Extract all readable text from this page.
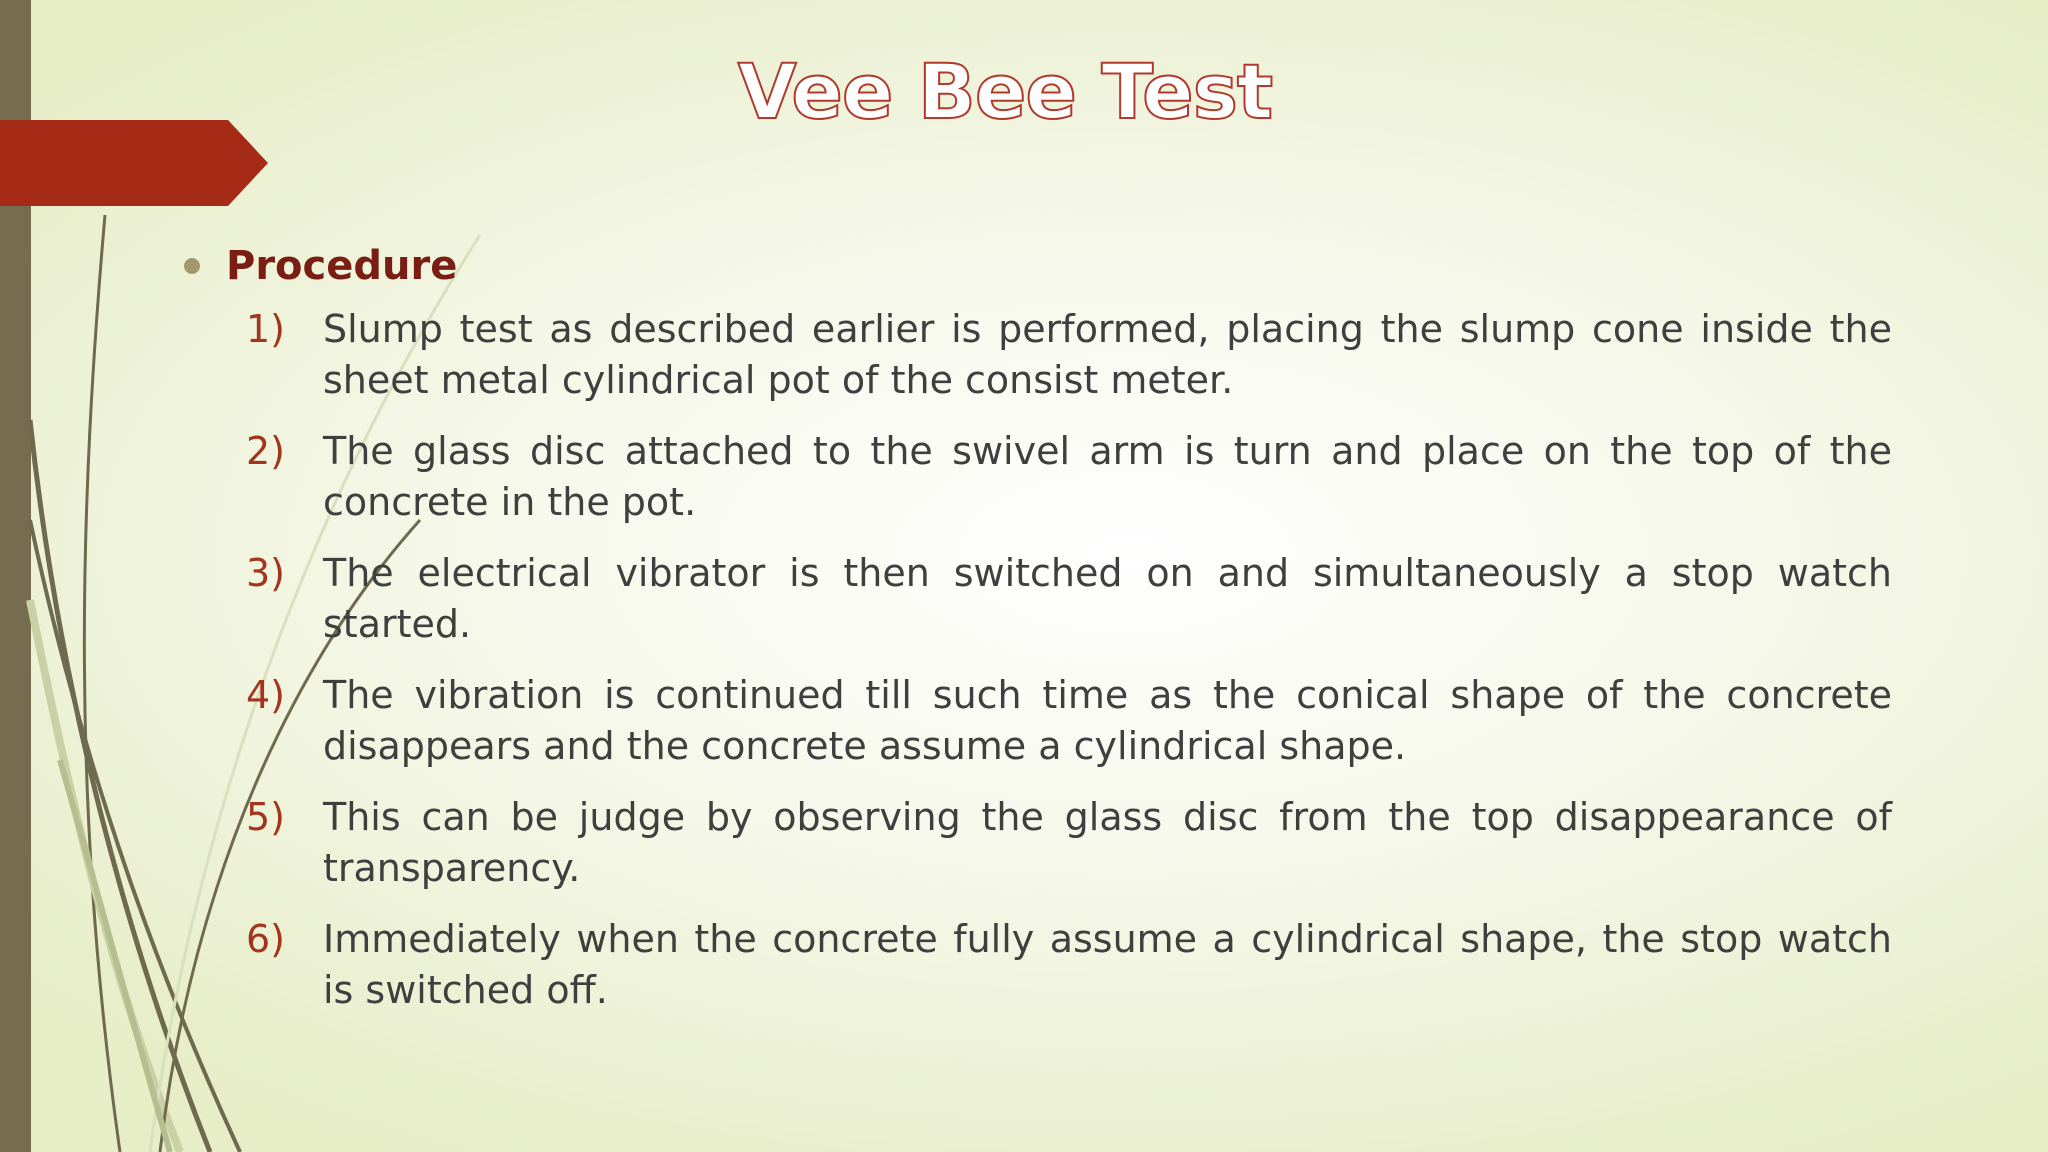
Vee Bee Test
Procedure
1) Slump test as described earlier is performed, placing the slump cone inside the sheet metal cylindrical pot of the consist meter.
2) The glass disc attached to the swivel arm is turn and place on the top of the concrete in the pot.
3) The electrical vibrator is then switched on and simultaneously a stop watch started.
4) The vibration is continued till such time as the conical shape of the concrete disappears and the concrete assume a cylindrical shape.
5) This can be judge by observing the glass disc from the top disappearance of transparency.
6) Immediately when the concrete fully assume a cylindrical shape, the stop watch is switched off.
